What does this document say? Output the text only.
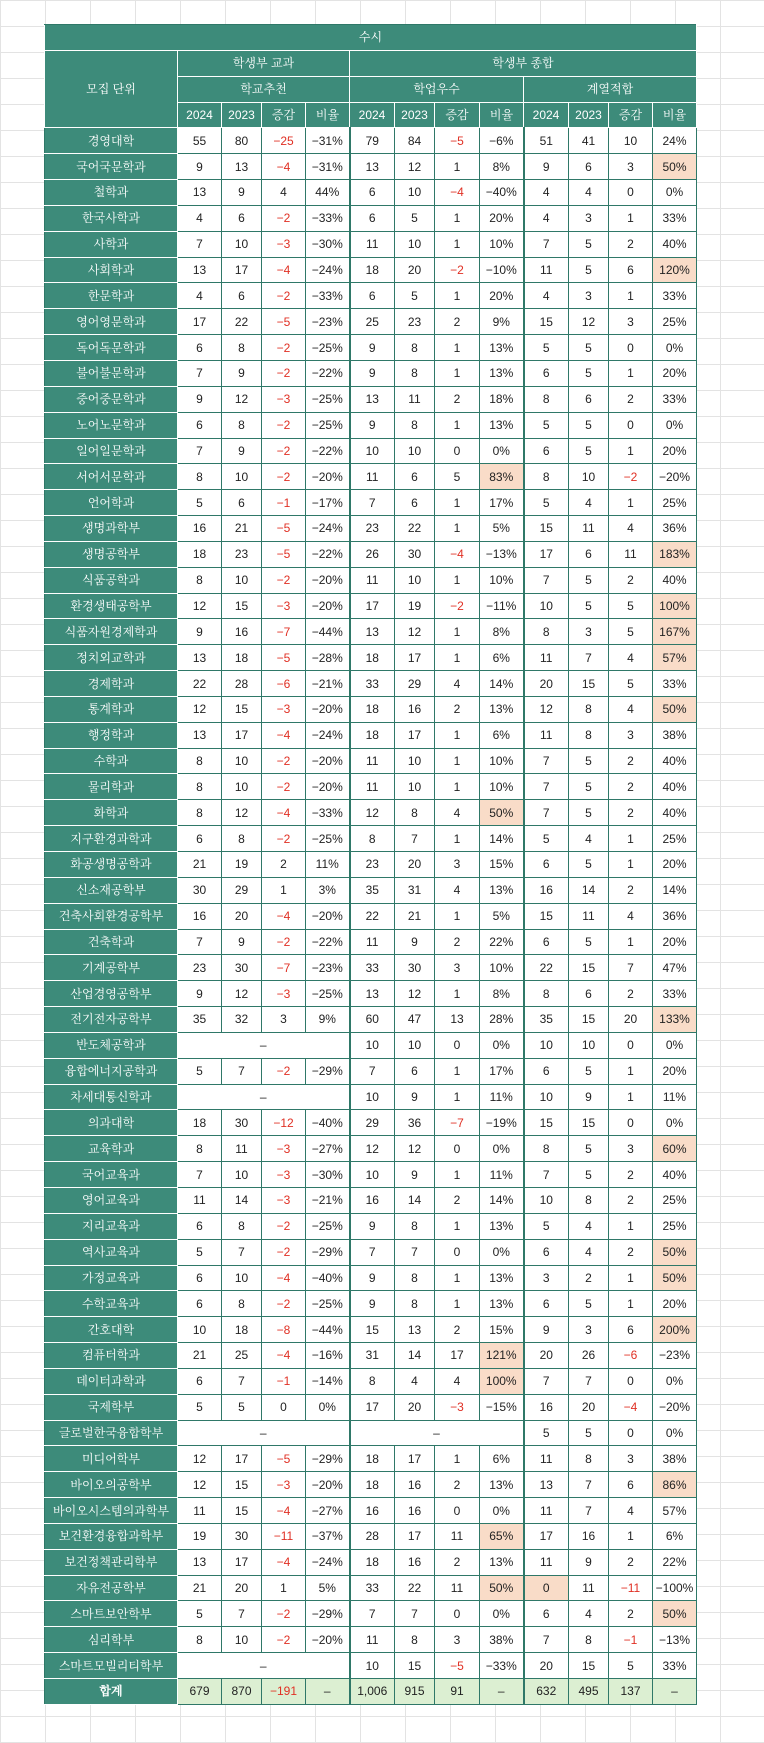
수시												
모집 단위	학생부 교과				학생부 종합							
	학교추천				학업우수				계열적합			
	2024	2023	증감	비율	2024	2023	증감	비율	2024	2023	증감	비율
경영대학	55	80	−25	−31%	79	84	−5	−6%	51	41	10	24%
국어국문학과	9	13	−4	−31%	13	12	1	8%	9	6	3	50%
철학과	13	9	4	44%	6	10	−4	−40%	4	4	0	0%
한국사학과	4	6	−2	−33%	6	5	1	20%	4	3	1	33%
사학과	7	10	−3	−30%	11	10	1	10%	7	5	2	40%
사회학과	13	17	−4	−24%	18	20	−2	−10%	11	5	6	120%
한문학과	4	6	−2	−33%	6	5	1	20%	4	3	1	33%
영어영문학과	17	22	−5	−23%	25	23	2	9%	15	12	3	25%
독어독문학과	6	8	−2	−25%	9	8	1	13%	5	5	0	0%
불어불문학과	7	9	−2	−22%	9	8	1	13%	6	5	1	20%
중어중문학과	9	12	−3	−25%	13	11	2	18%	8	6	2	33%
노어노문학과	6	8	−2	−25%	9	8	1	13%	5	5	0	0%
일어일문학과	7	9	−2	−22%	10	10	0	0%	6	5	1	20%
서어서문학과	8	10	−2	−20%	11	6	5	83%	8	10	−2	−20%
언어학과	5	6	−1	−17%	7	6	1	17%	5	4	1	25%
생명과학부	16	21	−5	−24%	23	22	1	5%	15	11	4	36%
생명공학부	18	23	−5	−22%	26	30	−4	−13%	17	6	11	183%
식품공학과	8	10	−2	−20%	11	10	1	10%	7	5	2	40%
환경생태공학부	12	15	−3	−20%	17	19	−2	−11%	10	5	5	100%
식품자원경제학과	9	16	−7	−44%	13	12	1	8%	8	3	5	167%
정치외교학과	13	18	−5	−28%	18	17	1	6%	11	7	4	57%
경제학과	22	28	−6	−21%	33	29	4	14%	20	15	5	33%
통계학과	12	15	−3	−20%	18	16	2	13%	12	8	4	50%
행정학과	13	17	−4	−24%	18	17	1	6%	11	8	3	38%
수학과	8	10	−2	−20%	11	10	1	10%	7	5	2	40%
물리학과	8	10	−2	−20%	11	10	1	10%	7	5	2	40%
화학과	8	12	−4	−33%	12	8	4	50%	7	5	2	40%
지구환경과학과	6	8	−2	−25%	8	7	1	14%	5	4	1	25%
화공생명공학과	21	19	2	11%	23	20	3	15%	6	5	1	20%
신소재공학부	30	29	1	3%	35	31	4	13%	16	14	2	14%
건축사회환경공학부	16	20	−4	−20%	22	21	1	5%	15	11	4	36%
건축학과	7	9	−2	−22%	11	9	2	22%	6	5	1	20%
기계공학부	23	30	−7	−23%	33	30	3	10%	22	15	7	47%
산업경영공학부	9	12	−3	−25%	13	12	1	8%	8	6	2	33%
전기전자공학부	35	32	3	9%	60	47	13	28%	35	15	20	133%
반도체공학과	–				10	10	0	0%	10	10	0	0%
융합에너지공학과	5	7	−2	−29%	7	6	1	17%	6	5	1	20%
차세대통신학과	–				10	9	1	11%	10	9	1	11%
의과대학	18	30	−12	−40%	29	36	−7	−19%	15	15	0	0%
교육학과	8	11	−3	−27%	12	12	0	0%	8	5	3	60%
국어교육과	7	10	−3	−30%	10	9	1	11%	7	5	2	40%
영어교육과	11	14	−3	−21%	16	14	2	14%	10	8	2	25%
지리교육과	6	8	−2	−25%	9	8	1	13%	5	4	1	25%
역사교육과	5	7	−2	−29%	7	7	0	0%	6	4	2	50%
가정교육과	6	10	−4	−40%	9	8	1	13%	3	2	1	50%
수학교육과	6	8	−2	−25%	9	8	1	13%	6	5	1	20%
간호대학	10	18	−8	−44%	15	13	2	15%	9	3	6	200%
컴퓨터학과	21	25	−4	−16%	31	14	17	121%	20	26	−6	−23%
데이터과학과	6	7	−1	−14%	8	4	4	100%	7	7	0	0%
국제학부	5	5	0	0%	17	20	−3	−15%	16	20	−4	−20%
글로벌한국융합학부	–				–				5	5	0	0%
미디어학부	12	17	−5	−29%	18	17	1	6%	11	8	3	38%
바이오의공학부	12	15	−3	−20%	18	16	2	13%	13	7	6	86%
바이오시스템의과학부	11	15	−4	−27%	16	16	0	0%	11	7	4	57%
보건환경융합과학부	19	30	−11	−37%	28	17	11	65%	17	16	1	6%
보건정책관리학부	13	17	−4	−24%	18	16	2	13%	11	9	2	22%
자유전공학부	21	20	1	5%	33	22	11	50%	0	11	−11	−100%
스마트보안학부	5	7	−2	−29%	7	7	0	0%	6	4	2	50%
심리학부	8	10	−2	−20%	11	8	3	38%	7	8	−1	−13%
스마트모빌리티학부	–				10	15	−5	−33%	20	15	5	33%
합계	679	870	−191	–	1,006	915	91	–	632	495	137	–
